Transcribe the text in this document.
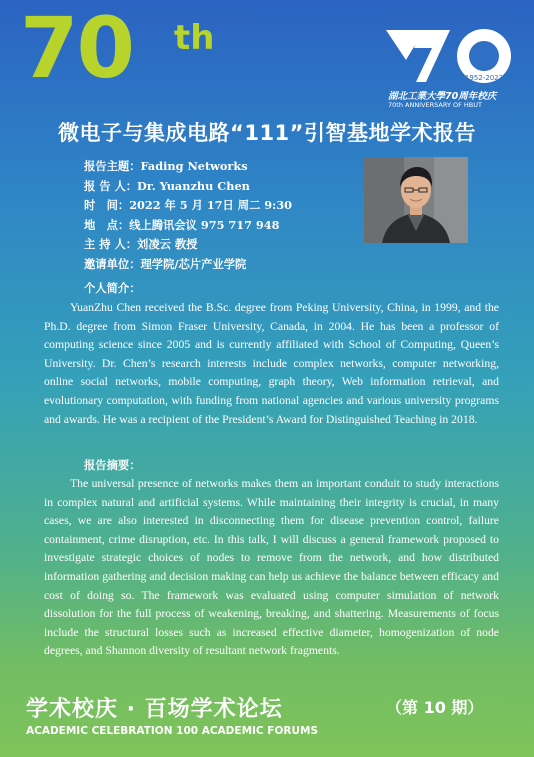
70 th
1952-2022
湖北工業大學70周年校庆
70th ANNIVERSARY OF HBUT
微电子与集成电路“111”引智基地学术报告
报告主题：Fading Networks
报 告 人：Dr. Yuanzhu Chen
时　间：2022 年 5 月 17日 周二 9:30
地　点：线上腾讯会议 975 717 948
主 持 人：刘凌云 教授
邀请单位：理学院/芯片产业学院
个人简介：

YuanZhu Chen received the B.Sc. degree from Peking University, China, in 1999, and the Ph.D. degree from Simon Fraser University, Canada, in 2004. He has been a professor of computing science since 2005 and is currently affiliated with School of Computing, Queen’s University. Dr. Chen’s research interests include complex networks, computer networking, online social networks, mobile computing, graph theory, Web information retrieval, and evolutionary computation, with funding from national agencies and various university programs and awards. He was a recipient of the President’s Award for Distinguished Teaching in 2018.

报告摘要：

The universal presence of networks makes them an important conduit to study interactions in complex natural and artificial systems. While maintaining their integrity is crucial, in many cases, we are also interested in disconnecting them for disease prevention control, failure containment, crime disruption, etc. In this talk, I will discuss a general framework proposed to investigate strategic choices of nodes to remove from the network, and how distributed information gathering and decision making can help us achieve the balance between efficacy and cost of doing so. The framework was evaluated using computer simulation of network dissolution for the full process of weakening, breaking, and shattering. Measurements of focus include the structural losses such as increased effective diameter, homogenization of node degrees, and Shannon diversity of resultant network fragments.

学术校庆 · 百场学术论坛	（第 10 期）
ACADEMIC CELEBRATION 100 ACADEMIC FORUMS
